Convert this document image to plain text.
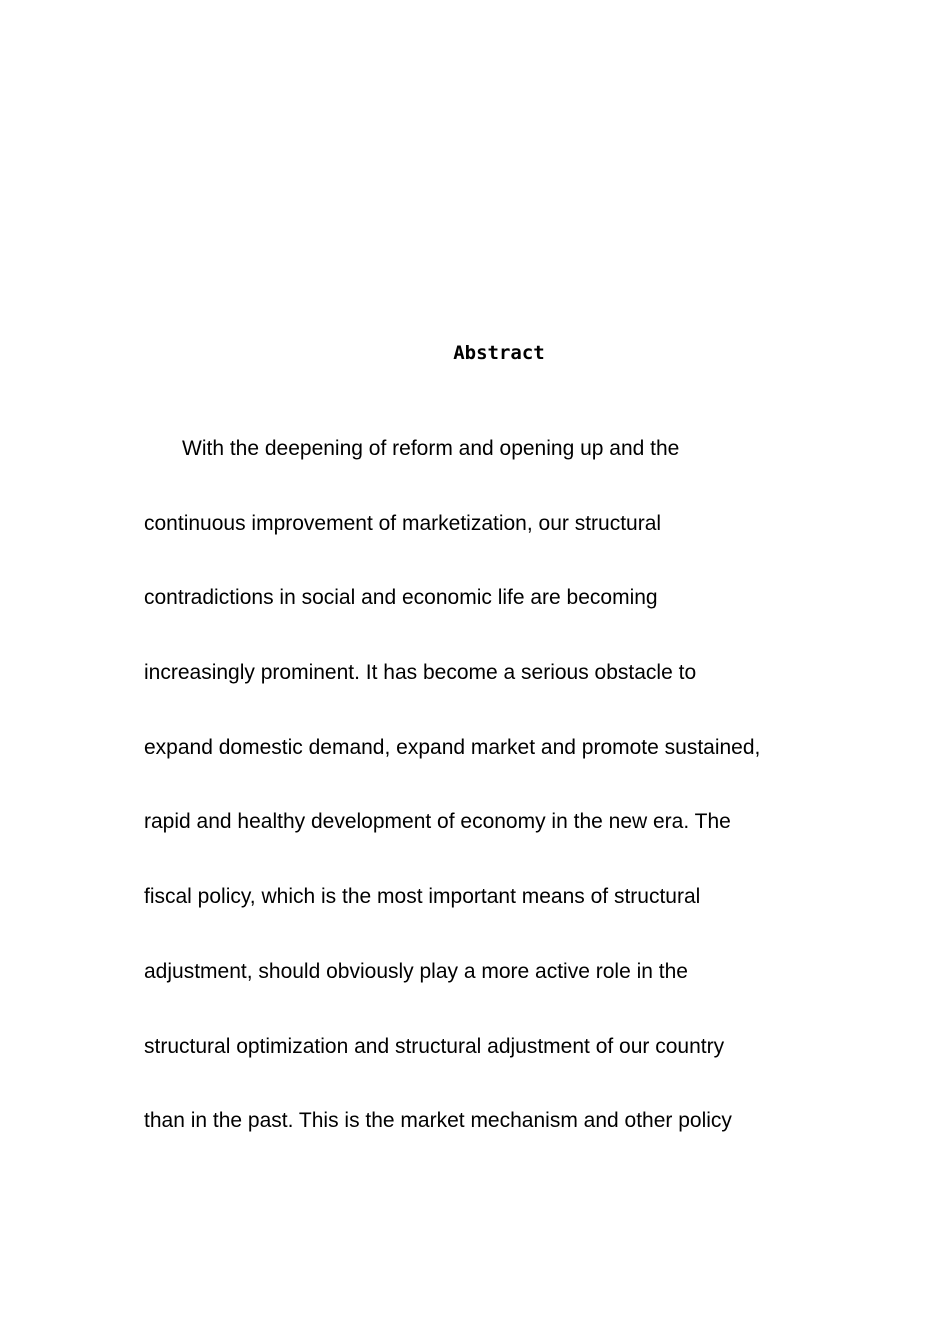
Abstract
With the deepening of reform and opening up and the
continuous improvement of marketization, our structural
contradictions in social and economic life are becoming
increasingly prominent. It has become a serious obstacle to
expand domestic demand, expand market and promote sustained,
rapid and healthy development of economy in the new era. The
fiscal policy, which is the most important means of structural
adjustment, should obviously play a more active role in the
structural optimization and structural adjustment of our country
than in the past. This is the market mechanism and other policy
